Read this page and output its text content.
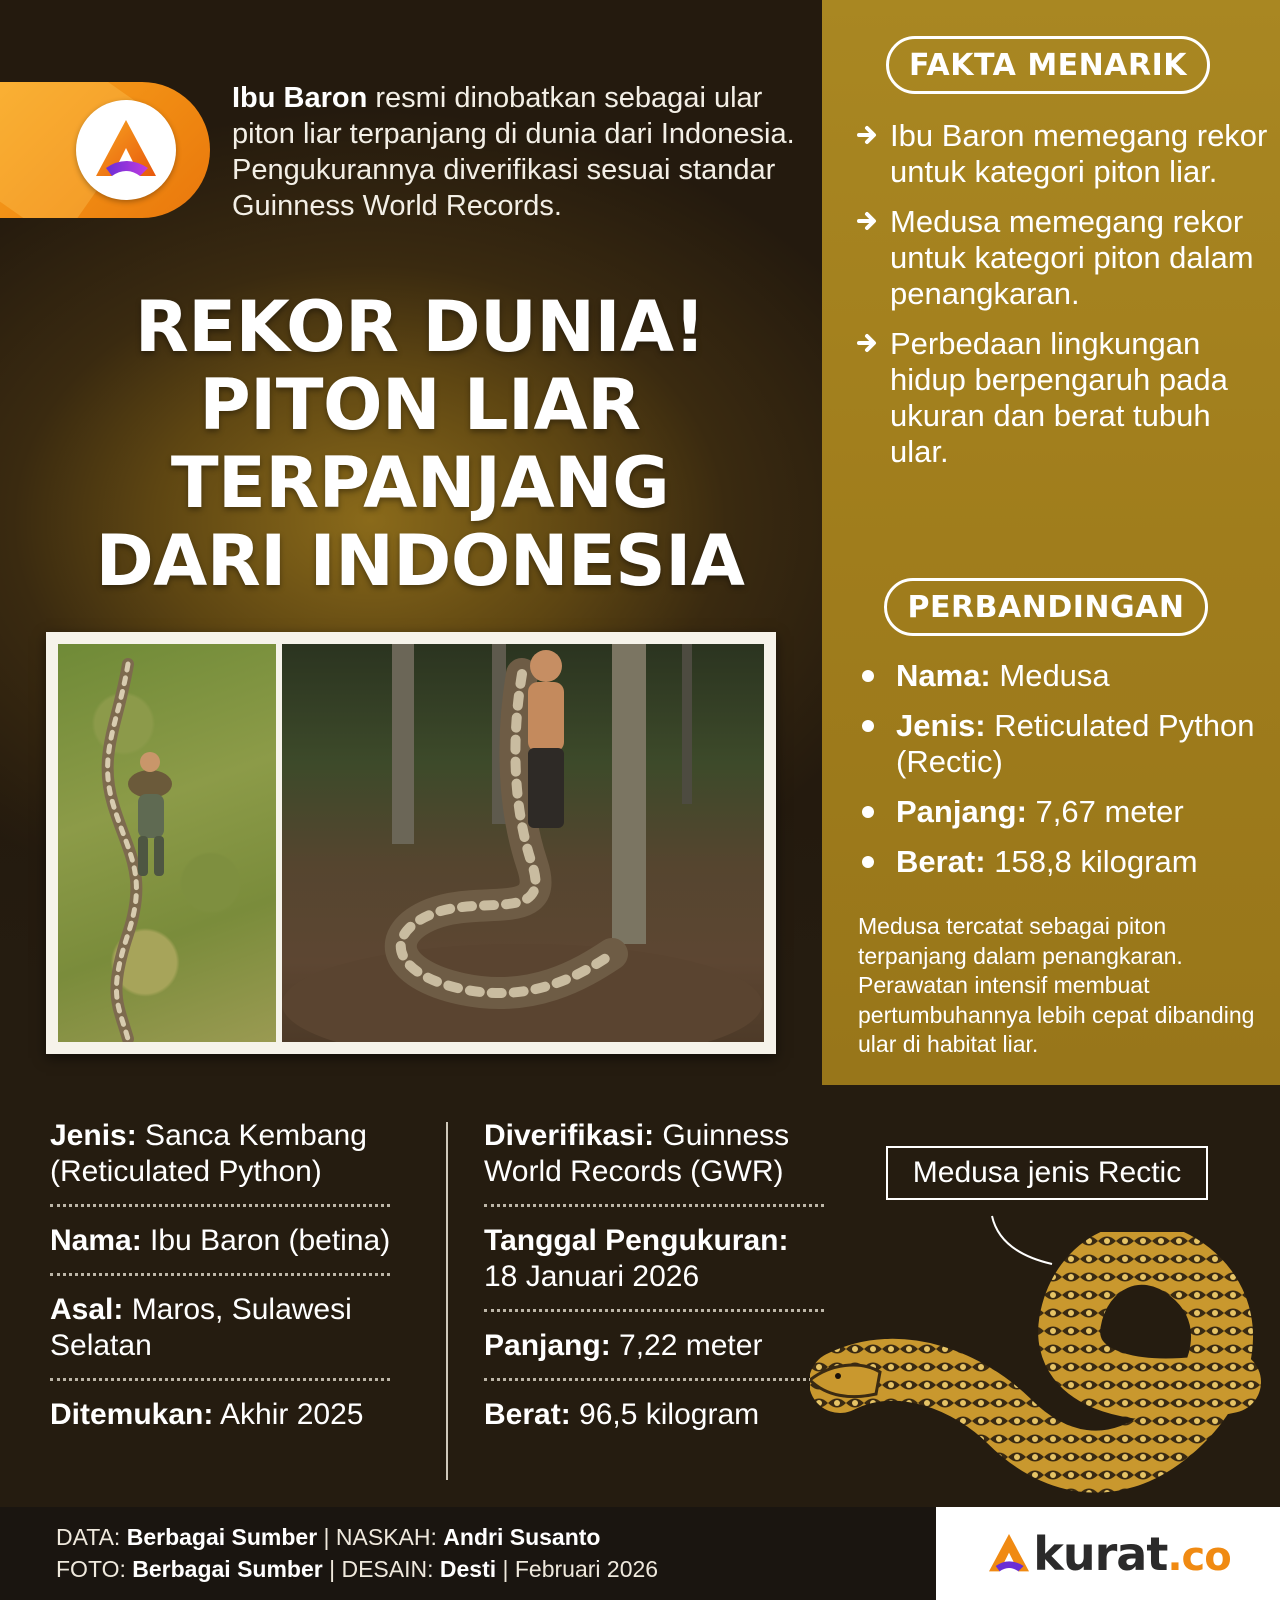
Ibu Baron resmi dinobatkan sebagai ular piton liar terpanjang di dunia dari Indonesia. Pengukurannya diverifikasi sesuai standar Guinness World Records.

REKOR DUNIA!
PITON LIAR
TERPANJANG
DARI INDONESIA
FAKTA MENARIK
Ibu Baron memegang rekor untuk kategori piton liar.
Medusa memegang rekor untuk kategori piton dalam penangkaran.
Perbedaan lingkungan hidup berpengaruh pada ukuran dan berat tubuh ular.
PERBANDINGAN
Nama: Medusa
Jenis: Reticulated Python (Rectic)
Panjang: 7,67 meter
Berat: 158,8 kilogram

Medusa tercatat sebagai piton terpanjang dalam penangkaran. Perawatan intensif membuat pertumbuhannya lebih cepat dibanding ular di habitat liar.

Jenis: Sanca Kembang (Reticulated Python)
Nama: Ibu Baron (betina)
Asal: Maros, Sulawesi Selatan
Ditemukan: Akhir 2025
Diverifikasi: Guinness World Records (GWR)
Tanggal Pengukuran:
18 Januari 2026
Panjang: 7,22 meter
Berat: 96,5 kilogram
Medusa jenis Rectic
DATA: Berbagai Sumber | NASKAH: Andri Susanto
FOTO: Berbagai Sumber | DESAIN: Desti | Februari 2026	kurat.co
